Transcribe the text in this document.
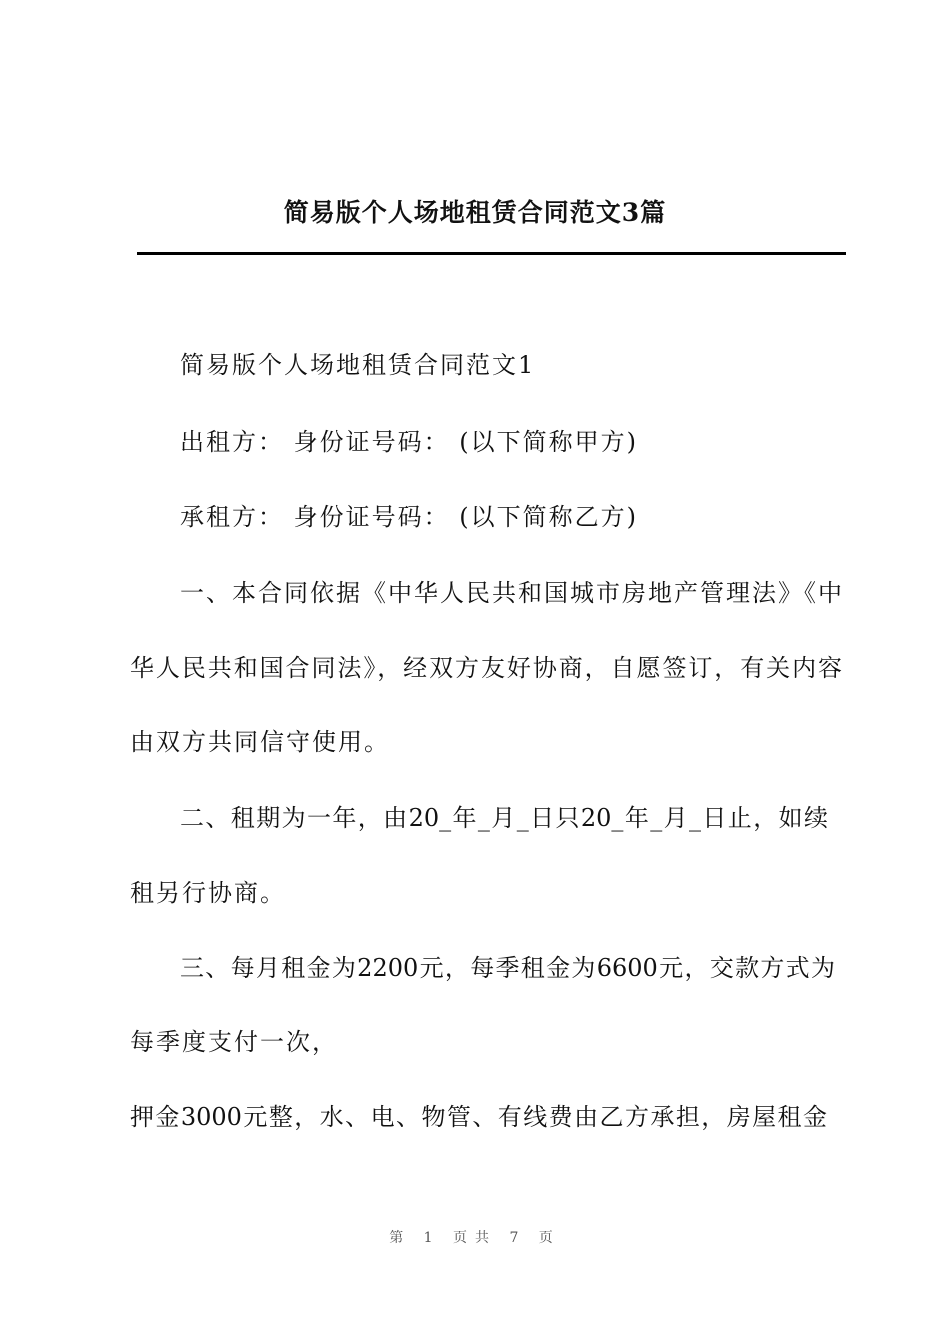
简易版个人场地租赁合同范文3篇
简易版个人场地租赁合同范文1
出租方： 身份证号码： (以下简称甲方)
承租方： 身份证号码： (以下简称乙方)
一、本合同依据《中华人民共和国城市房地产管理法》《中
华人民共和国合同法》，经双方友好协商，自愿签订，有关内容
由双方共同信守使用。
二、租期为一年，由20_年_月_日只20_年_月_日止，如续
租另行协商。
三、每月租金为2200元，每季租金为6600元，交款方式为
每季度支付一次，
押金3000元整，水、电、物管、有线费由乙方承担，房屋租金
第 1 页共 7 页
